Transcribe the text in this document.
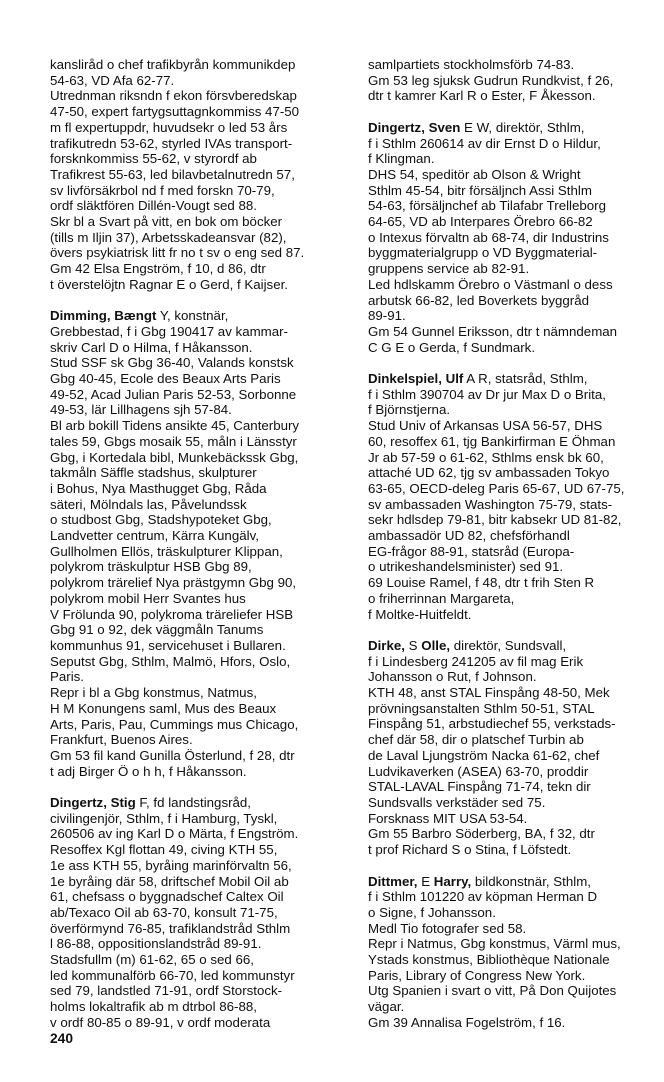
kansliråd o chef trafikbyrån kommunikdep
54-63, VD Afa 62-77.
Utrednman riksndn f ekon försvberedskap
47-50, expert fartygsuttagnkommiss 47-50
m fl expertuppdr, huvudsekr o led 53 års
trafikutredn 53-62, styrled IVAs transport-
forsknkommiss 55-62, v styrordf ab
Trafikrest 55-63, led bilavbetalnutredn 57,
sv livförsäkrbol nd f med forskn 70-79,
ordf släktfören Dillén-Vougt sed 88.
Skr bl a Svart på vitt, en bok om böcker
(tills m Iljin 37), Arbetsskadeansvar (82),
övers psykiatrisk litt fr no t sv o eng sed 87.
Gm 42 Elsa Engström, f 10, d 86, dtr
t överstelöjtn Ragnar E o Gerd, f Kaijser.
Dimming, Bængt Y, konstnär,
Grebbestad, f i Gbg 190417 av kammar-
skriv Carl D o Hilma, f Håkansson.
Stud SSF sk Gbg 36-40, Valands konstsk
Gbg 40-45, Ecole des Beaux Arts Paris
49-52, Acad Julian Paris 52-53, Sorbonne
49-53, lär Lillhagens sjh 57-84.
Bl arb bokill Tidens ansikte 45, Canterbury
tales 59, Gbgs mosaik 55, måln i Länsstyr
Gbg, i Kortedala bibl, Munkebäckssk Gbg,
takmåln Säffle stadshus, skulpturer
i Bohus, Nya Masthugget Gbg, Råda
säteri, Mölndals las, Påvelundssk
o studbost Gbg, Stadshypoteket Gbg,
Landvetter centrum, Kärra Kungälv,
Gullholmen Ellös, träskulpturer Klippan,
polykrom träskulptur HSB Gbg 89,
polykrom trärelief Nya prästgymn Gbg 90,
polykrom mobil Herr Svantes hus
V Frölunda 90, polykroma träreliefer HSB
Gbg 91 o 92, dek väggmåln Tanums
kommunhus 91, servicehuset i Bullaren.
Seputst Gbg, Sthlm, Malmö, Hfors, Oslo,
Paris.
Repr i bl a Gbg konstmus, Natmus,
H M Konungens saml, Mus des Beaux
Arts, Paris, Pau, Cummings mus Chicago,
Frankfurt, Buenos Aires.
Gm 53 fil kand Gunilla Österlund, f 28, dtr
t adj Birger Ö o h h, f Håkansson.
Dingertz, Stig F, fd landstingsråd,
civilingenjör, Sthlm, f i Hamburg, Tyskl,
260506 av ing Karl D o Märta, f Engström.
Resoffex Kgl flottan 49, civing KTH 55,
1e ass KTH 55, byråing marinförvaltn 56,
1e byråing där 58, driftschef Mobil Oil ab
61, chefsass o byggnadschef Caltex Oil
ab/Texaco Oil ab 63-70, konsult 71-75,
överförmynd 76-85, trafiklandstråd Sthlm
l 86-88, oppositionslandstråd 89-91.
Stadsfullm (m) 61-62, 65 o sed 66,
led kommunalförb 66-70, led kommunstyr
sed 79, landstled 71-91, ordf Storstock-
holms lokaltrafik ab m dtrbol 86-88,
v ordf 80-85 o 89-91, v ordf moderata
samlpartiets stockholmsförb 74-83.
Gm 53 leg sjuksk Gudrun Rundkvist, f 26,
dtr t kamrer Karl R o Ester, F Åkesson.
Dingertz, Sven E W, direktör, Sthlm,
f i Sthlm 260614 av dir Ernst D o Hildur,
f Klingman.
DHS 54, speditör ab Olson & Wright
Sthlm 45-54, bitr försäljnch Assi Sthlm
54-63, försäljnchef ab Tilafabr Trelleborg
64-65, VD ab Interpares Örebro 66-82
o Intexus förvaltn ab 68-74, dir Industrins
byggmaterialgrupp o VD Byggmaterial-
gruppens service ab 82-91.
Led hdlskamm Örebro o Västmanl o dess
arbutsk 66-82, led Boverkets byggråd
89-91.
Gm 54 Gunnel Eriksson, dtr t nämndeman
C G E o Gerda, f Sundmark.
Dinkelspiel, Ulf A R, statsråd, Sthlm,
f i Sthlm 390704 av Dr jur Max D o Brita,
f Björnstjerna.
Stud Univ of Arkansas USA 56-57, DHS
60, resoffex 61, tjg Bankirfirman E Öhman
Jr ab 57-59 o 61-62, Sthlms ensk bk 60,
attaché UD 62, tjg sv ambassaden Tokyo
63-65, OECD-deleg Paris 65-67, UD 67-75,
sv ambassaden Washington 75-79, stats-
sekr hdlsdep 79-81, bitr kabsekr UD 81-82,
ambassadör UD 82, chefsförhandl
EG-frågor 88-91, statsråd (Europa-
o utrikeshandelsminister) sed 91.
69 Louise Ramel, f 48, dtr t frih Sten R
o friherrinnan Margareta,
f Moltke-Huitfeldt.
Dirke, S Olle, direktör, Sundsvall,
f i Lindesberg 241205 av fil mag Erik
Johansson o Rut, f Johnson.
KTH 48, anst STAL Finspång 48-50, Mek
prövningsanstalten Sthlm 50-51, STAL
Finspång 51, arbstudiechef 55, verkstads-
chef där 58, dir o platschef Turbin ab
de Laval Ljungström Nacka 61-62, chef
Ludvikaverken (ASEA) 63-70, proddir
STAL-LAVAL Finspång 71-74, tekn dir
Sundsvalls verkstäder sed 75.
Forsknass MIT USA 53-54.
Gm 55 Barbro Söderberg, BA, f 32, dtr
t prof Richard S o Stina, f Löfstedt.
Dittmer, E Harry, bildkonstnär, Sthlm,
f i Sthlm 101220 av köpman Herman D
o Signe, f Johansson.
Medl Tio fotografer sed 58.
Repr i Natmus, Gbg konstmus, Värml mus,
Ystads konstmus, Bibliothèque Nationale
Paris, Library of Congress New York.
Utg Spanien i svart o vitt, På Don Quijotes
vägar.
Gm 39 Annalisa Fogelström, f 16.
240
